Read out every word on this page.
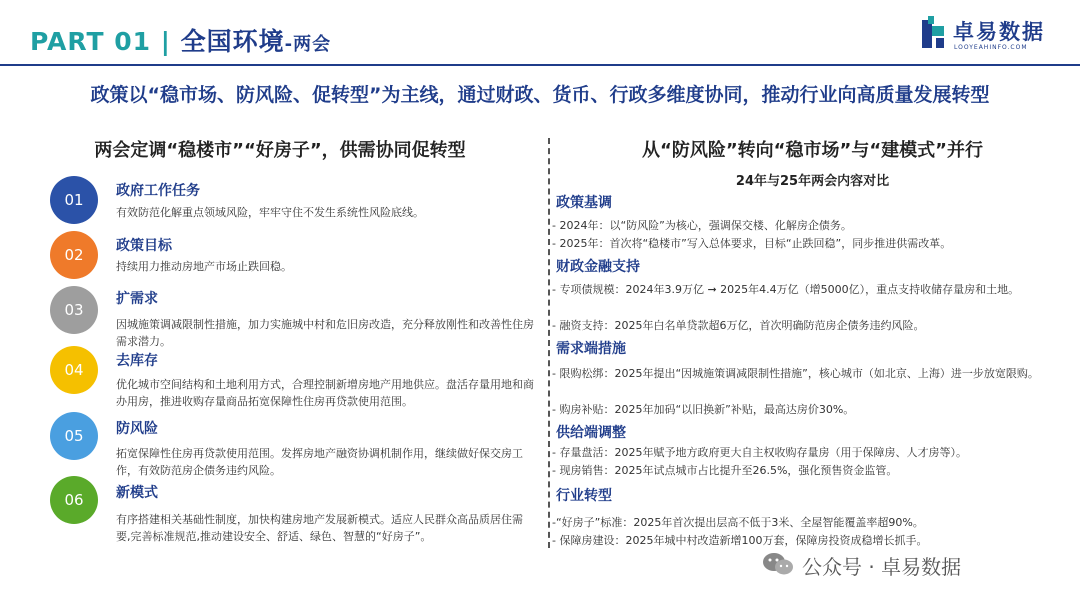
PART 01 | 全国环境-两会
卓易数据
LOOYEAHINFO.COM
政策以“稳市场、防风险、促转型”为主线，通过财政、货币、行政多维度协同，推动行业向高质量发展转型
两会定调“稳楼市”“好房子”，供需协同促转型
01	政府工作任务
有效防范化解重点领域风险，牢牢守住不发生系统性风险底线。
02	政策目标
持续用力推动房地产市场止跌回稳。
03
扩需求
因城施策调减限制性措施，加力实施城中村和危旧房改造，充分释放刚性和改善性住房需求潜力。
04	去库存
优化城市空间结构和土地利用方式，合理控制新增房地产用地供应。盘活存量用地和商办用房，推进收购存量商品拓宽保障性住房再贷款使用范围。
05	防风险
拓宽保障性住房再贷款使用范围。发挥房地产融资协调机制作用，继续做好保交房工作，有效防范房企债务违约风险。
06	新模式
有序搭建相关基础性制度，加快构建房地产发展新模式。适应人民群众高品质居住需要,完善标准规范,推动建设安全、舒适、绿色、智慧的“好房子”。
从“防风险”转向“稳市场”与“建模式”并行
24年与25年两会内容对比
政策基调
- 2024年：以“防风险”为核心，强调保交楼、化解房企债务。
- 2025年：首次将“稳楼市”写入总体要求，目标“止跌回稳”，同步推进供需改革。
财政金融支持
- 专项债规模：2024年3.9万亿 ➞ 2025年4.4万亿（增5000亿），重点支持收储存量房和土地。
- 融资支持：2025年白名单贷款超6万亿，首次明确防范房企债务违约风险。
需求端措施
- 限购松绑：2025年提出“因城施策调减限制性措施”，核心城市（如北京、上海）进一步放宽限购。
- 购房补贴：2025年加码“以旧换新”补贴，最高达房价30%。
供给端调整
- 存量盘活：2025年赋予地方政府更大自主权收购存量房（用于保障房、人才房等）。
- 现房销售：2025年试点城市占比提升至26.5%，强化预售资金监管。
行业转型
-“好房子”标准：2025年首次提出层高不低于3米、全屋智能覆盖率超90%。
- 保障房建设：2025年城中村改造新增100万套，保障房投资成稳增长抓手。
公众号 · 卓易数据
